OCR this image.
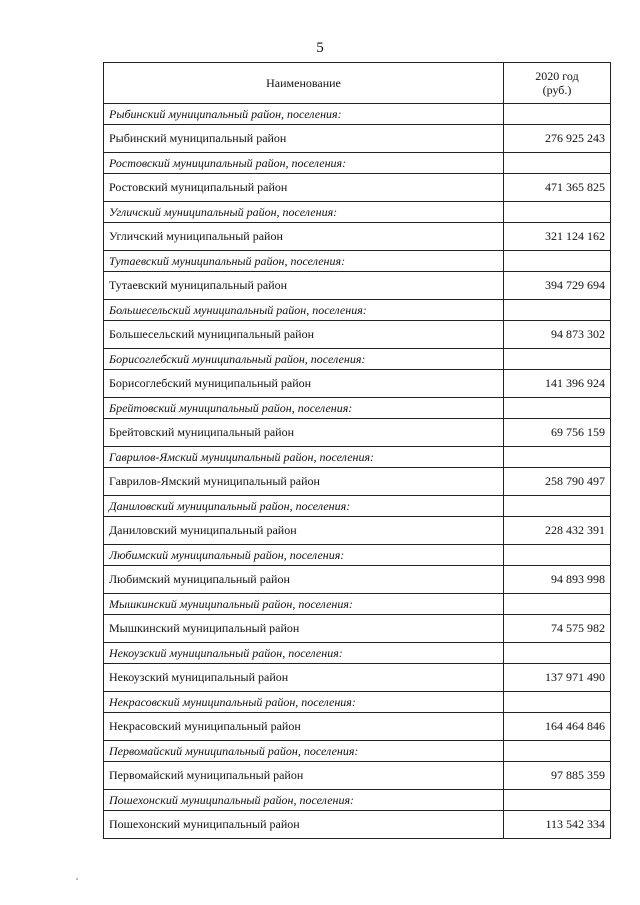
5
Наименование	2020 год
(руб.)
Рыбинский муниципальный район, поселения:	
Рыбинский муниципальный район	276 925 243
Ростовский муниципальный район, поселения:	
Ростовский муниципальный район	471 365 825
Угличский муниципальный район, поселения:	
Угличский муниципальный район	321 124 162
Тутаевский муниципальный район, поселения:	
Тутаевский муниципальный район	394 729 694
Большесельский муниципальный район, поселения:	
Большесельский муниципальный район	94 873 302
Борисоглебский муниципальный район, поселения:	
Борисоглебский муниципальный район	141 396 924
Брейтовский муниципальный район, поселения:	
Брейтовский муниципальный район	69 756 159
Гаврилов-Ямский муниципальный район, поселения:	
Гаврилов-Ямский муниципальный район	258 790 497
Даниловский муниципальный район, поселения:	
Даниловский муниципальный район	228 432 391
Любимский муниципальный район, поселения:	
Любимский муниципальный район	94 893 998
Мышкинский муниципальный район, поселения:	
Мышкинский муниципальный район	74 575 982
Некоузский муниципальный район, поселения:	
Некоузский муниципальный район	137 971 490
Некрасовский муниципальный район, поселения:	
Некрасовский муниципальный район	164 464 846
Первомайский муниципальный район, поселения:	
Первомайский муниципальный район	97 885 359
Пошехонский муниципальный район, поселения:	
Пошехонский муниципальный район	113 542 334
